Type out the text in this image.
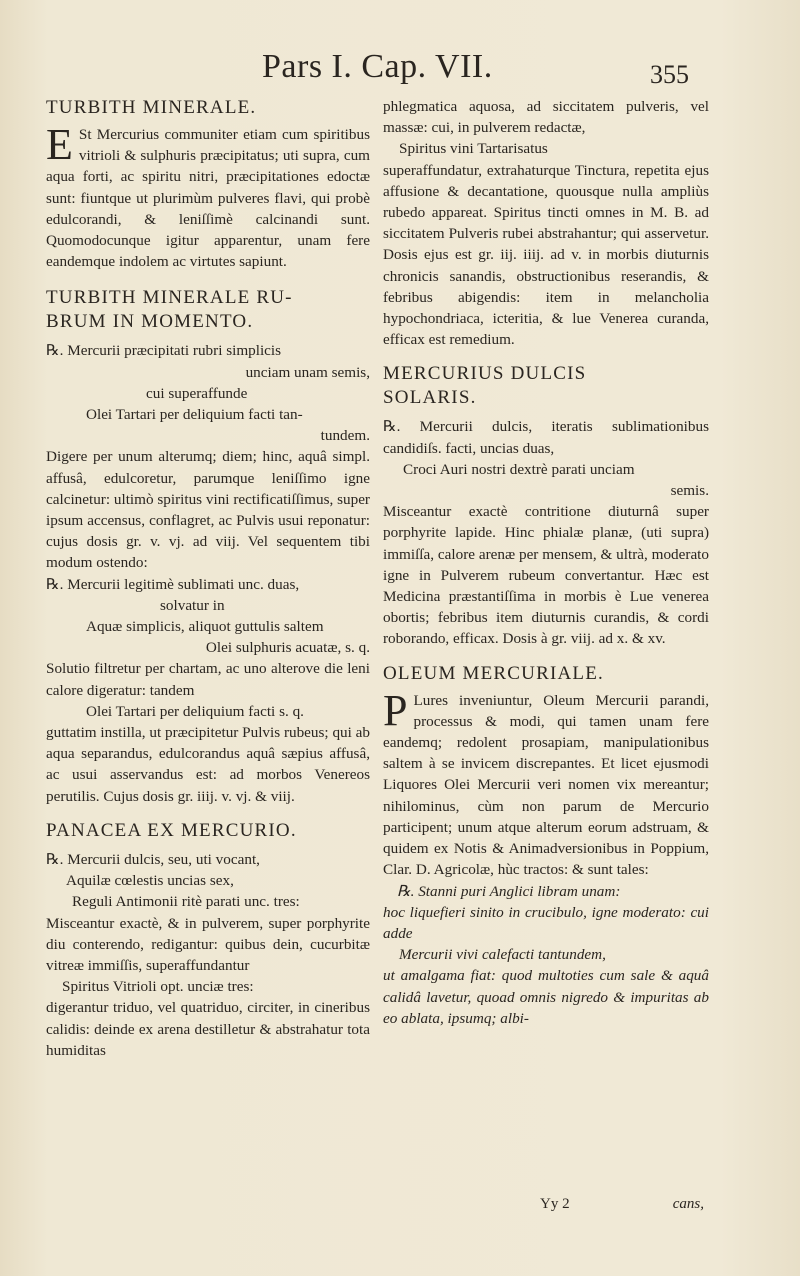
Pars I. Cap. VII.	355

TURBITH MINERALE.

E St Mercurius communiter etiam cum spiritibus vitrioli & sulphuris præcipitatus; uti supra, cum aqua forti, ac spiritu nitri, præcipitationes edoctæ sunt: fiuntque ut plurimùm pulveres flavi, qui probè edulcorandi, & leniſſimè calcinandi sunt. Quomodocunque igitur apparentur, unam fere eandemque indolem ac virtutes sapiunt.

TURBITH MINERALE RU-

BRUM IN MOMENTO.

℞. Mercurii præcipitati rubri simplicis

unciam unam semis,

cui superaffunde

Olei Tartari per deliquium facti tan-

tundem.

Digere per unum alterumq; diem; hinc, aquâ simpl. affusâ, edulcoretur, parumque leniſſimo igne calcinetur: ultimò spiritus vini rectificatiſſimus, super ipsum accensus, conflagret, ac Pulvis usui reponatur: cujus dosis gr. v. vj. ad viij. Vel sequentem tibi modum ostendo:

℞. Mercurii legitimè sublimati unc. duas,

solvatur in

Aquæ simplicis, aliquot guttulis saltem

Olei sulphuris acuatæ, s. q.

Solutio filtretur per chartam, ac uno alterove die leni calore digeratur: tandem

Olei Tartari per deliquium facti s. q.

guttatim instilla, ut præcipitetur Pulvis rubeus; qui ab aqua separandus, edulcorandus aquâ sæpius affusâ, ac usui asservandus est: ad morbos Venereos perutilis. Cujus dosis gr. iiij. v. vj. & viij.

PANACEA EX MERCURIO.

℞. Mercurii dulcis, seu, uti vocant,

Aquilæ cœlestis uncias sex,

Reguli Antimonii ritè parati unc. tres:

Misceantur exactè, & in pulverem, super porphyrite diu conterendo, redigantur: quibus dein, cucurbitæ vitreæ immiſſis, superaffundantur

Spiritus Vitrioli opt. unciæ tres:

digerantur triduo, vel quatriduo, circiter, in cineribus calidis: deinde ex arena destilletur & abstrahatur tota humiditas

phlegmatica aquosa, ad siccitatem pulveris, vel massæ: cui, in pulverem redactæ,

Spiritus vini Tartarisatus

superaffundatur, extrahaturque Tinctura, repetita ejus affusione & decantatione, quousque nulla ampliùs rubedo appareat. Spiritus tincti omnes in M. B. ad siccitatem Pulveris rubei abstrahantur; qui asservetur. Dosis ejus est gr. iij. iiij. ad v. in morbis diuturnis chronicis sanandis, obstructionibus reserandis, & febribus abigendis: item in melancholia hypochondriaca, icteritia, & lue Venerea curanda, efficax est remedium.

MERCURIUS DULCIS

SOLARIS.

℞. Mercurii dulcis, iteratis sublimationibus candidiſs. facti, uncias duas,

Croci Auri nostri dextrè parati unciam

semis.

Misceantur exactè contritione diuturnâ super porphyrite lapide. Hinc phialæ planæ, (uti supra) immiſſa, calore arenæ per mensem, & ultrà, moderato igne in Pulverem rubeum convertantur. Hæc est Medicina præstantiſſima in morbis è Lue venerea obortis; febribus item diuturnis curandis, & cordi roborando, efficax. Dosis à gr. viij. ad x. & xv.

OLEUM MERCURIALE.

P Lures inveniuntur, Oleum Mercurii parandi, processus & modi, qui tamen unam fere eandemq; redolent prosapiam, manipulationibus saltem à se invicem discrepantes. Et licet ejusmodi Liquores Olei Mercurii veri nomen vix mereantur; nihilominus, cùm non parum de Mercurio participent; unum atque alterum eorum adstruam, & quidem ex Notis & Animadversionibus in Poppium, Clar. D. Agricolæ, hùc tractos: & sunt tales:

℞. Stanni puri Anglici libram unam:

hoc liquefieri sinito in crucibulo, igne moderato: cui adde

Mercurii vivi calefacti tantundem,

ut amalgama fiat: quod multoties cum sale & aquâ calidâ lavetur, quoad omnis nigredo & impuritas ab eo ablata, ipsumq; albi-

Yy 2	cans,
